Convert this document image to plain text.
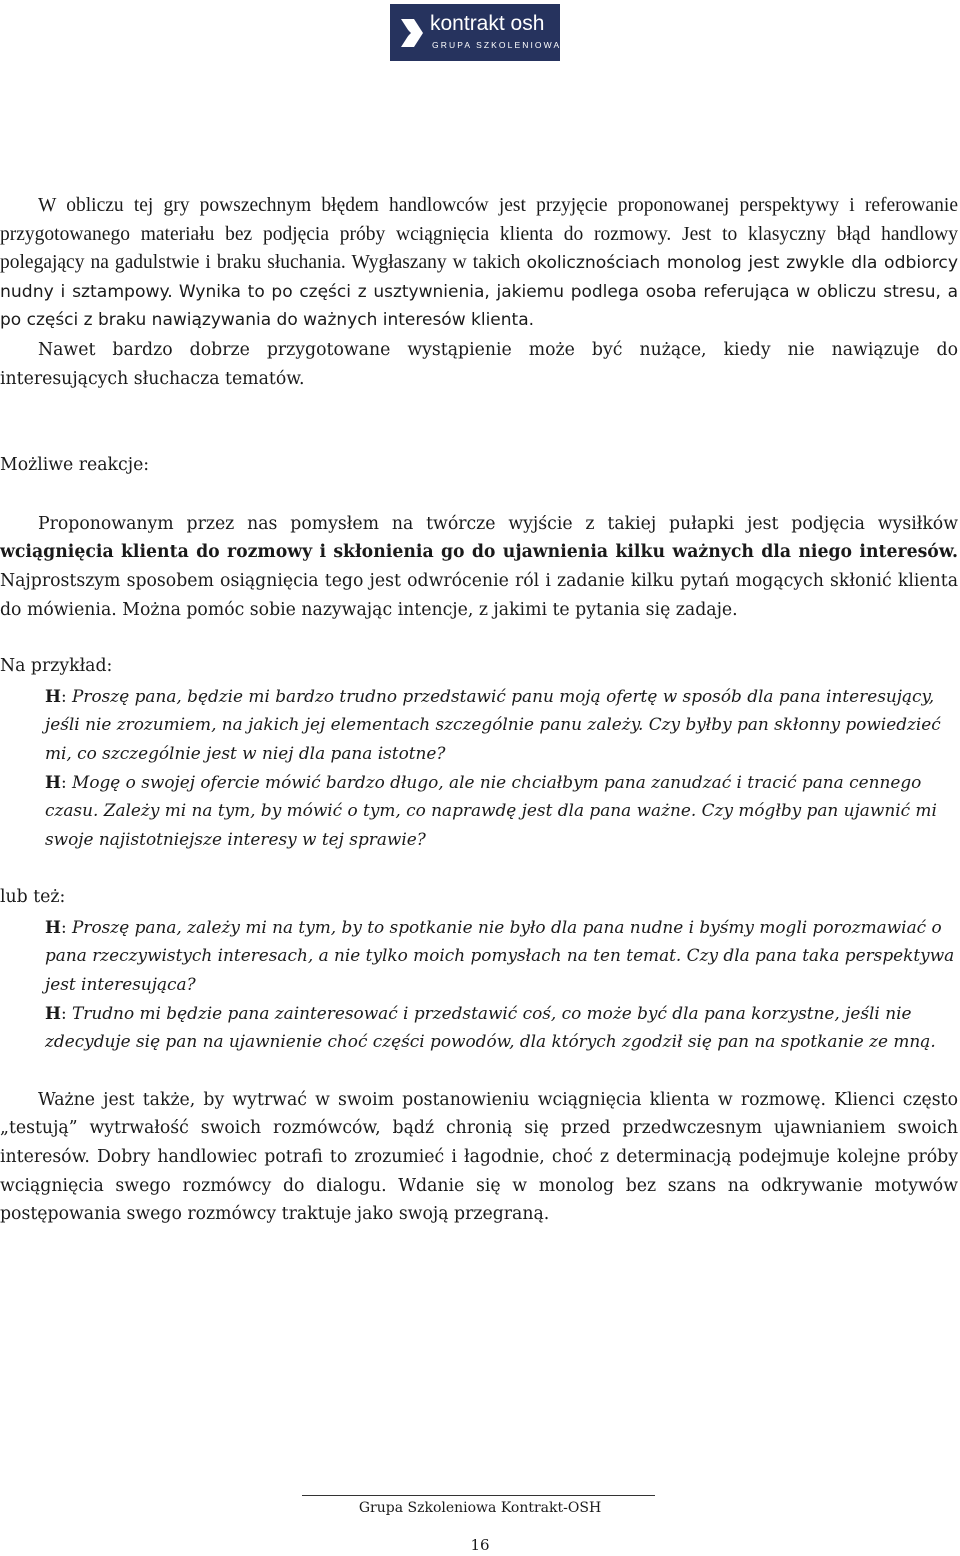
kontrakt osh
GRUPA SZKOLENIOWA

W obliczu tej gry powszechnym błędem handlowców jest przyjęcie proponowanej perspektywy i referowanie przygotowanego materiału bez podjęcia próby wciągnięcia klienta do rozmowy. Jest to klasyczny błąd handlowy polegający na gadulstwie i braku słuchania. Wygłaszany w takich okolicznościach monolog jest zwykle dla odbiorcy nudny i sztampowy. Wynika to po części z usztywnienia, jakiemu podlega osoba referująca w obliczu stresu, a po części z braku nawiązywania do ważnych interesów klienta.

Nawet bardzo dobrze przygotowane wystąpienie może być nużące, kiedy nie nawiązuje do interesujących słuchacza tematów.

Możliwe reakcje:

Proponowanym przez nas pomysłem na twórcze wyjście z takiej pułapki jest podjęcia wysiłków wciągnięcia klienta do rozmowy i skłonienia go do ujawnienia kilku ważnych dla niego interesów. Najprostszym sposobem osiągnięcia tego jest odwrócenie ról i zadanie kilku pytań mogących skłonić klienta do mówienia. Można pomóc sobie nazywając intencje, z jakimi te pytania się zadaje.

Na przykład:

H: Proszę pana, będzie mi bardzo trudno przedstawić panu moją ofertę w sposób dla pana interesujący, jeśli nie zrozumiem, na jakich jej elementach szczególnie panu zależy. Czy byłby pan skłonny powiedzieć mi, co szczególnie jest w niej dla pana istotne?

H: Mogę o swojej ofercie mówić bardzo długo, ale nie chciałbym pana zanudzać i tracić pana cennego czasu. Zależy mi na tym, by mówić o tym, co naprawdę jest dla pana ważne. Czy mógłby pan ujawnić mi swoje najistotniejsze interesy w tej sprawie?

lub też:

H: Proszę pana, zależy mi na tym, by to spotkanie nie było dla pana nudne i byśmy mogli porozmawiać o pana rzeczywistych interesach, a nie tylko moich pomysłach na ten temat. Czy dla pana taka perspektywa jest interesująca?

H: Trudno mi będzie pana zainteresować i przedstawić coś, co może być dla pana korzystne, jeśli nie zdecyduje się pan na ujawnienie choć części powodów, dla których zgodził się pan na spotkanie ze mną.

Ważne jest także, by wytrwać w swoim postanowieniu wciągnięcia klienta w rozmowę. Klienci często „testują” wytrwałość swoich rozmówców, bądź chronią się przed przedwczesnym ujawnianiem swoich interesów. Dobry handlowiec potrafi to zrozumieć i łagodnie, choć z determinacją podejmuje kolejne próby wciągnięcia swego rozmówcy do dialogu. Wdanie się w monolog bez szans na odkrywanie motywów postępowania swego rozmówcy traktuje jako swoją przegraną.

Grupa Szkoleniowa Kontrakt-OSH
16
